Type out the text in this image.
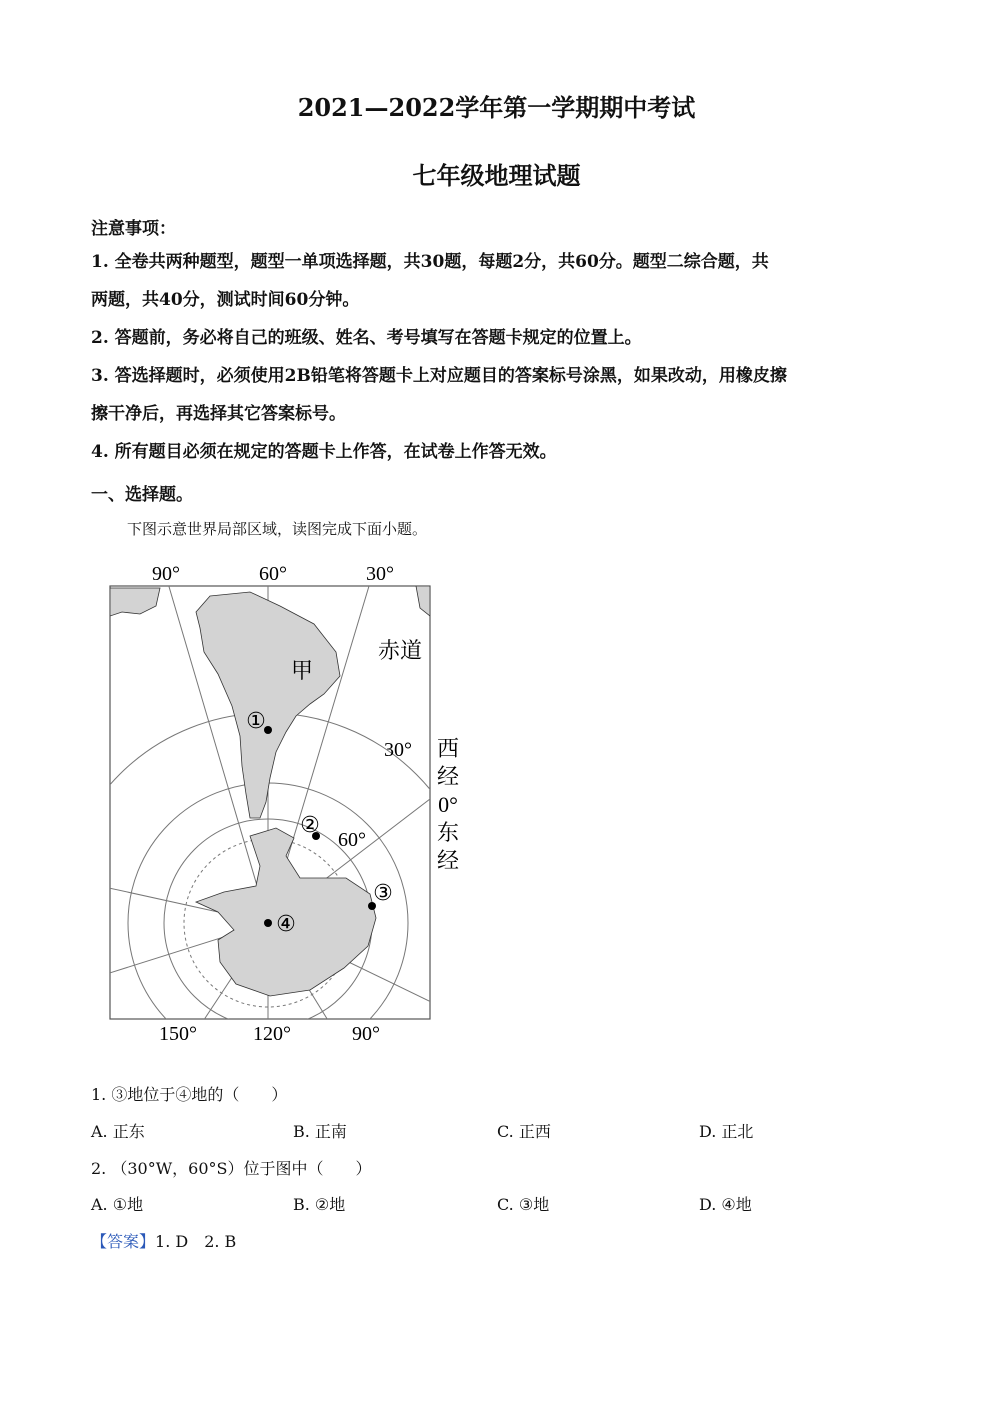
2021—2022学年第一学期期中考试
七年级地理试题
注意事项：
1. 全卷共两种题型，题型一单项选择题，共30题，每题2分，共60分。题型二综合题，共
两题，共40分，测试时间60分钟。
2. 答题前，务必将自己的班级、姓名、考号填写在答题卡规定的位置上。
3. 答选择题时，必须使用2B铅笔将答题卡上对应题目的答案标号涂黑，如果改动，用橡皮擦
擦干净后，再选择其它答案标号。
4. 所有题目必须在规定的答题卡上作答，在试卷上作答无效。
一、选择题。
下图示意世界局部区域，读图完成下面小题。
90°	60°	30°
150°	120°	90°
赤道
甲
30°
60°
西
经
0°
东
经
①
②
③
④
1. ③地位于④地的（　　）
A. 正东	B. 正南	C. 正西	D. 正北
2. （30°W，60°S）位于图中（　　）
A. ①地	B. ②地	C. ③地	D. ④地
【答案】1. D　2. B
